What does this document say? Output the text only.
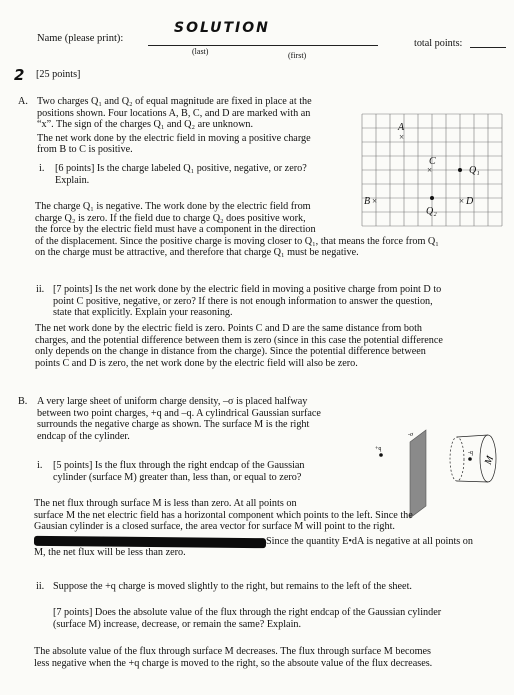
Name (please print):
SOLUTION
(last)	(first)
total points:
2 [25 points]
A. Two charges Q₁ and Q₂ of equal magnitude are fixed in place at the

positions shown. Four locations A, B, C, and D are marked with an

“x”. The sign of the charges Q₁ and Q₂ are unknown.

The net work done by the electric field in moving a positive charge

from B to C is positive.

i. [6 points] Is the charge labeled Q₁ positive, negative, or zero?

Explain.

The charge Q₁ is negative. The work done by the electric field from

charge Q₂ is zero. If the field due to charge Q₂ does positive work,

the force by the electric field must have a component in the direction

of the displacement. Since the positive charge is moving closer to Q₁, that means the force from Q₁

on the charge must be attractive, and therefore that charge Q₁ must be negative.

A
×
C
×
B ×	× D
Q₁
Q₂
ii. [7 points] Is the net work done by the electric field in moving a positive charge from point D to

point C positive, negative, or zero? If there is not enough information to answer the question,

state that explicitly. Explain your reasoning.

The net work done by the electric field is zero. Points C and D are the same distance from both

charges, and the potential difference between them is zero (since in this case the potential difference

only depends on the change in distance from the charge). Since the potential difference between

points C and D is zero, the net work done by the electric field will also be zero.

B. A very large sheet of uniform charge density, –σ is placed halfway

between two point charges, +q and –q. A cylindrical Gaussian surface

surrounds the negative charge as shown. The surface M is the right

endcap of the cylinder.	-σ
+q
-q
M
i. [5 points] Is the flux through the right endcap of the Gaussian

cylinder (surface M) greater than, less than, or equal to zero?

The net flux through surface M is less than zero. At all points on

surface M the net electric field has a horizontal component which points to the left. Since the

Gausian cylinder is a closed surface, the area vector for surface M will point to the right.

Since the quantity E•dA is negative at all points on
M, the net flux will be less than zero.
ii. Suppose the +q charge is moved slightly to the right, but remains to the left of the sheet.

[7 points] Does the absolute value of the flux through the right endcap of the Gaussian cylinder

(surface M) increase, decrease, or remain the same? Explain.

The absolute value of the flux through surface M decreases. The flux through surface M becomes

less negative when the +q charge is moved to the right, so the absoute value of the flux decreases.
